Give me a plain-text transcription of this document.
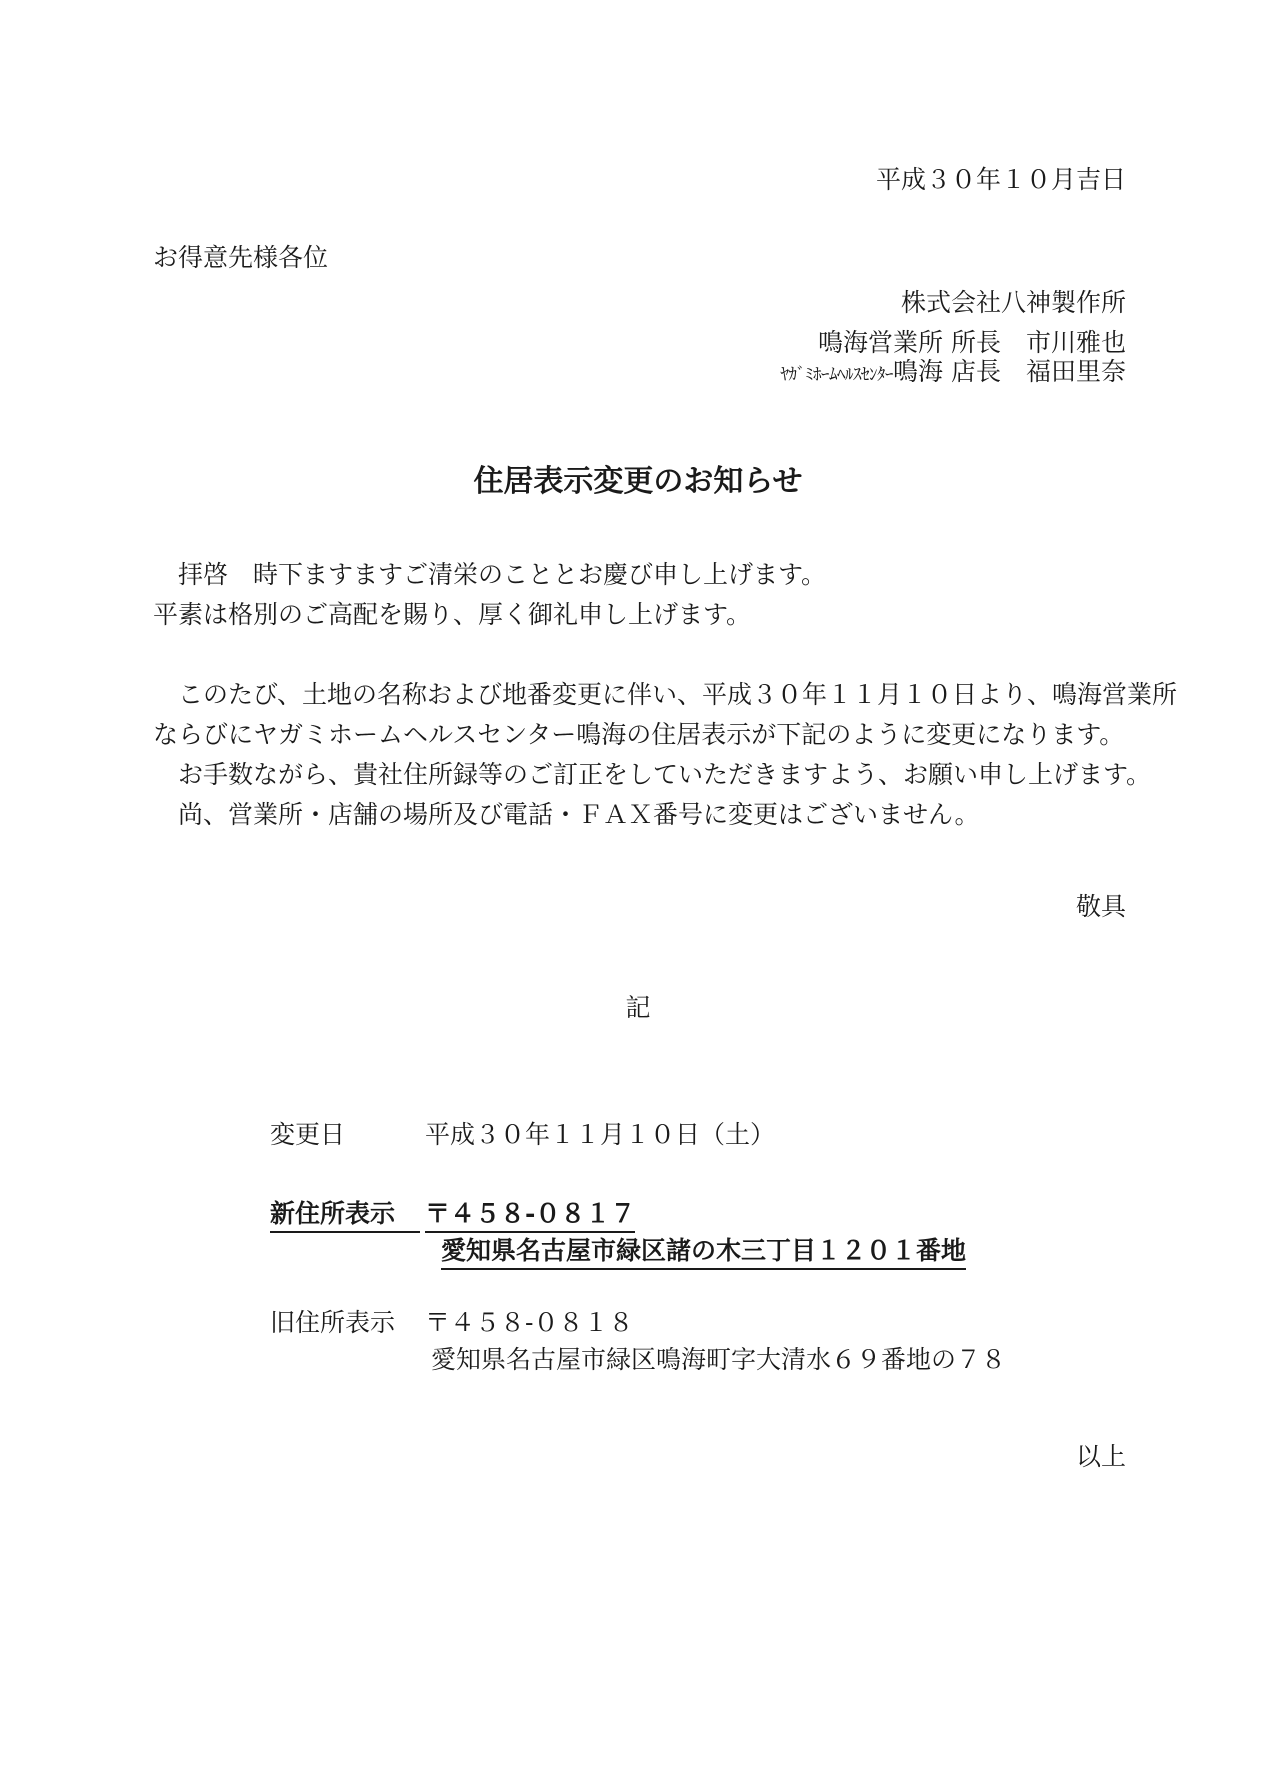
平成３０年１０月吉日
お得意先様各位
株式会社八神製作所
鳴海営業所 所長　市川雅也
ﾔｶﾞﾐﾎｰﾑﾍﾙｽｾﾝﾀｰ鳴海 店長　福田里奈
住居表示変更のお知らせ
拝啓　時下ますますご清栄のこととお慶び申し上げます。
平素は格別のご高配を賜り、厚く御礼申し上げます。
このたび、土地の名称および地番変更に伴い、平成３０年１１月１０日より、鳴海営業所
ならびにヤガミホームヘルスセンター鳴海の住居表示が下記のように変更になります。
お手数ながら、貴社住所録等のご訂正をしていただきますよう、お願い申し上げます。
尚、営業所・店舗の場所及び電話・ＦＡＸ番号に変更はございません。
敬具
記
変更日	平成３０年１１月１０日（土）
新住所表示	〒４５８-０８１７
愛知県名古屋市緑区諸の木三丁目１２０１番地
旧住所表示 〒４５８-０８１８
愛知県名古屋市緑区鳴海町字大清水６９番地の７８
以上
